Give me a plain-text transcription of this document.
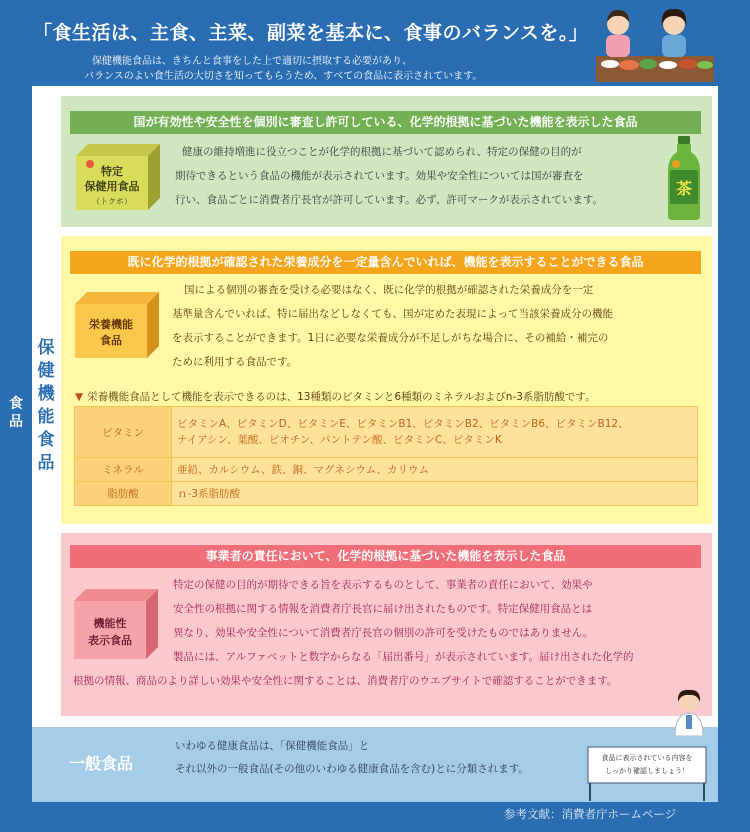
「食生活は、主食、主菜、副菜を基本に、食事のバランスを。」
保健機能食品は、きちんと食事をした上で適切に摂取する必要があり、
バランスのよい食生活の大切さを知ってもらうため、すべての食品に表示されています。
食品
保健機能食品
国が有効性や安全性を個別に審査し許可している、化学的根拠に基づいた機能を表示した食品
特定
保健用食品
（トクホ）
健康の維持増進に役立つことが化学的根拠に基づいて認められ、特定の保健の目的が
期待できるという食品の機能が表示されています。効果や安全性については国が審査を
行い、食品ごとに消費者庁長官が許可しています。必ず、許可マークが表示されています。
茶
既に化学的根拠が確認された栄養成分を一定量含んでいれば、機能を表示することができる食品
栄養機能
食品
国による個別の審査を受ける必要はなく、既に化学的根拠が確認された栄養成分を一定
基準量含んでいれば、特に届出などしなくても、国が定めた表現によって当該栄養成分の機能
を表示することができます。1日に必要な栄養成分が不足しがちな場合に、その補給・補完の
ために利用する食品です。
▼ 栄養機能食品として機能を表示できるのは、13種類のビタミンと6種類のミネラルおよびn-3系脂肪酸です。
ビタミン	ビタミンA、ビタミンD、ビタミンE、ビタミンB1、ビタミンB2、ビタミンB6、ビタミンB12、
ナイアシン、葉酸、ビオチン、パントテン酸、ビタミンC、ビタミンK

ミネラル	亜鉛、カルシウム、鉄、銅、マグネシウム、カリウム
脂肪酸	ｎ-3系脂肪酸
事業者の責任において、化学的根拠に基づいた機能を表示した食品
機能性
表示食品
特定の保健の目的が期待できる旨を表示するものとして、事業者の責任において、効果や
安全性の根拠に関する情報を消費者庁長官に届け出されたものです。特定保健用食品とは
異なり、効果や安全性について消費者庁長官の個別の許可を受けたものではありません。
製品には、アルファベットと数字からなる「届出番号」が表示されています。届け出された化学的
根拠の情報、商品のより詳しい効果や安全性に関することは、消費者庁のウエブサイトで確認することができます。
一般食品
いわゆる健康食品は、「保健機能食品」と
それ以外の一般食品(その他のいわゆる健康食品を含む)とに分類されます。
食品に表示されている内容を
しっかり確認しましょう！
参考文献：消費者庁ホームページ
